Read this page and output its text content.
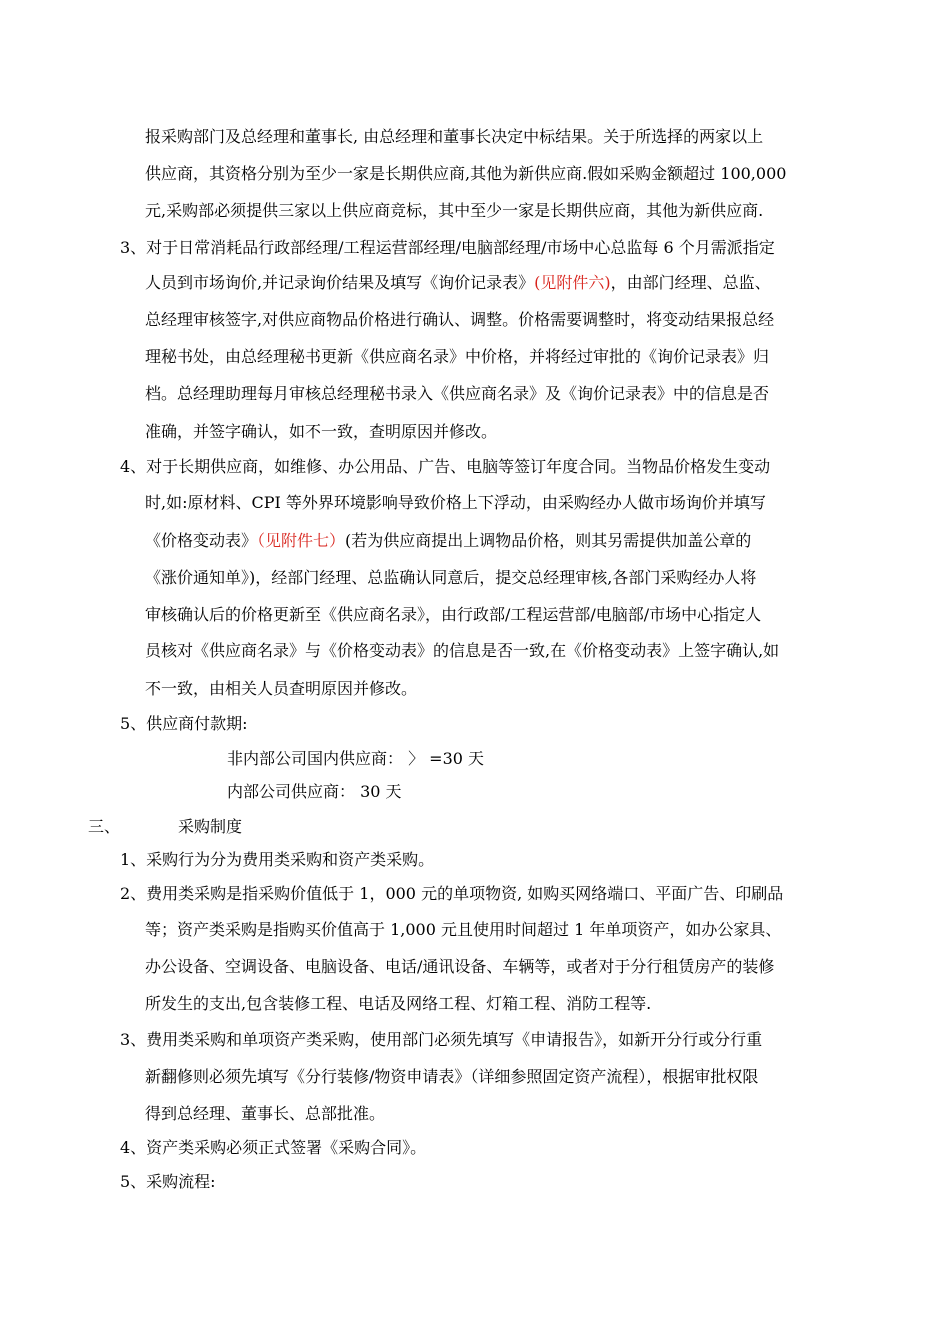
报采购部门及总经理和董事长, 由总经理和董事长决定中标结果。关于所选择的两家以上
供应商，其资格分别为至少一家是长期供应商,其他为新供应商.假如采购金额超过 100,000
元,采购部必须提供三家以上供应商竞标，其中至少一家是长期供应商，其他为新供应商.
3、对于日常消耗品行政部经理/工程运营部经理/电脑部经理/市场中心总监每 6 个月需派指定
人员到市场询价,并记录询价结果及填写《询价记录表》(见附件六)，由部门经理、总监、
总经理审核签字,对供应商物品价格进行确认、调整。价格需要调整时，将变动结果报总经
理秘书处，由总经理秘书更新《供应商名录》中价格，并将经过审批的《询价记录表》归
档。总经理助理每月审核总经理秘书录入《供应商名录》及《询价记录表》中的信息是否
准确，并签字确认，如不一致，查明原因并修改。
4、对于长期供应商，如维修、办公用品、广告、电脑等签订年度合同。当物品价格发生变动
时,如:原材料、CPI 等外界环境影响导致价格上下浮动，由采购经办人做市场询价并填写
《价格变动表》（见附件七）(若为供应商提出上调物品价格，则其另需提供加盖公章的
《涨价通知单》)，经部门经理、总监确认同意后，提交总经理审核,各部门采购经办人将
审核确认后的价格更新至《供应商名录》，由行政部/工程运营部/电脑部/市场中心指定人
员核对《供应商名录》与《价格变动表》的信息是否一致,在《价格变动表》上签字确认,如
不一致，由相关人员查明原因并修改。
5、供应商付款期:
非内部公司国内供应商： 〉 =30 天
内部公司供应商： 30 天
三、	采购制度
1、采购行为分为费用类采购和资产类采购。
2、费用类采购是指采购价值低于 1，000 元的单项物资, 如购买网络端口、平面广告、印刷品
等；资产类采购是指购买价值高于 1,000 元且使用时间超过 1 年单项资产，如办公家具、
办公设备、空调设备、电脑设备、电话/通讯设备、车辆等，或者对于分行租赁房产的装修
所发生的支出,包含装修工程、电话及网络工程、灯箱工程、消防工程等.
3、费用类采购和单项资产类采购，使用部门必须先填写《申请报告》，如新开分行或分行重
新翻修则必须先填写《分行装修/物资申请表》（详细参照固定资产流程），根据审批权限
得到总经理、董事长、总部批准。
4、资产类采购必须正式签署《采购合同》。
5、采购流程:
